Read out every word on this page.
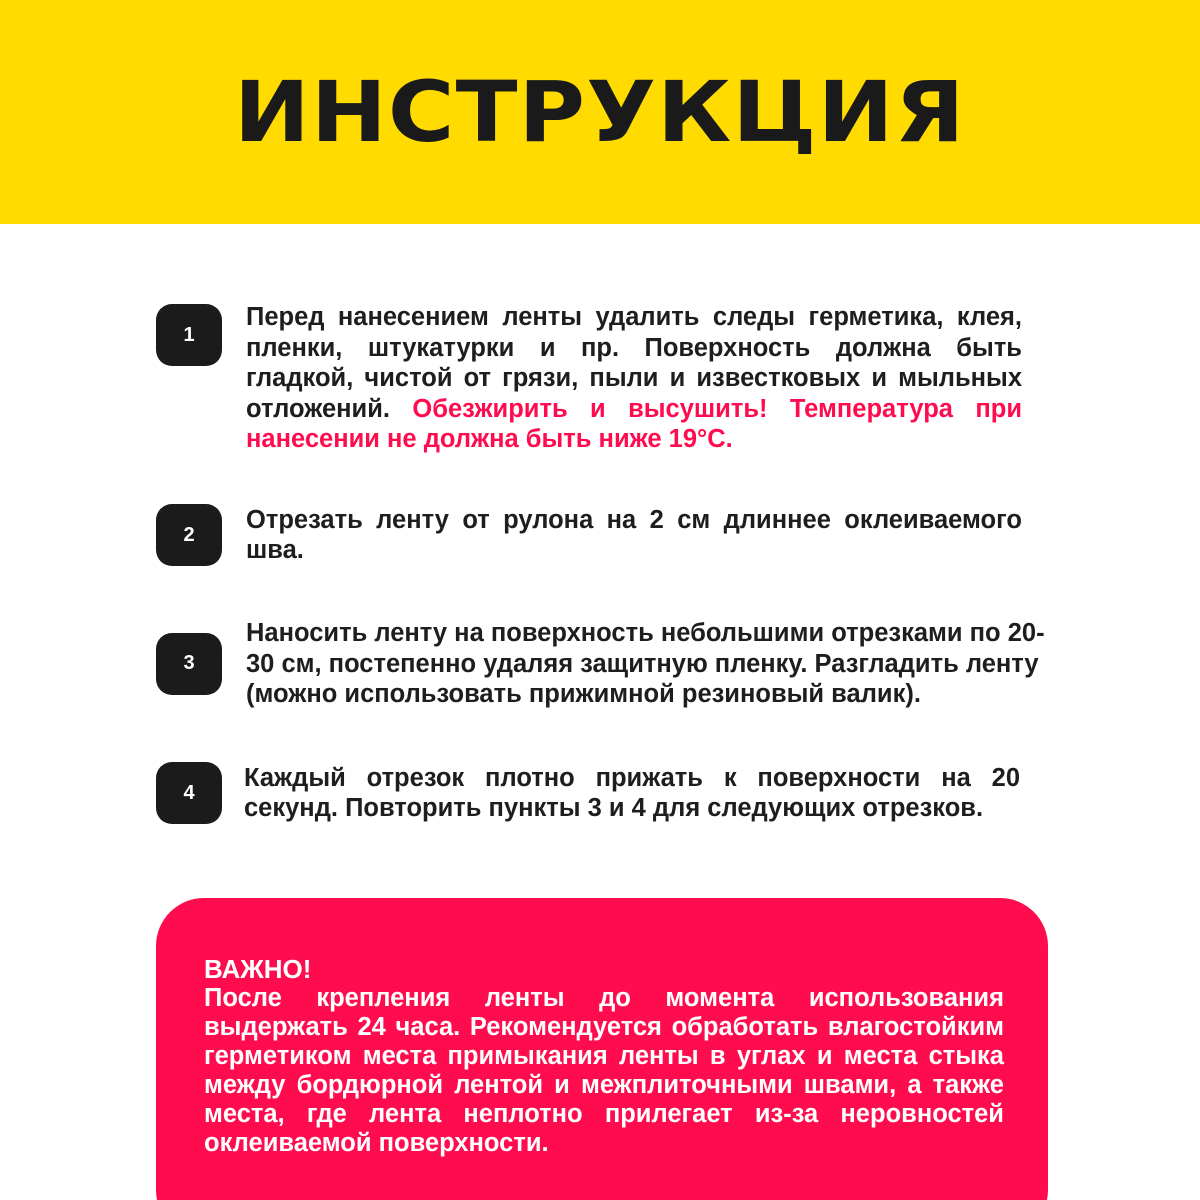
ИНСТРУКЦИЯ
1
Перед нанесением ленты удалить следы герметика, клея, пленки, штукатурки и пр. Поверхность должна быть гладкой, чистой от грязи, пыли и известковых и мыльных отложений. Обезжирить и высушить! Температура при нанесении не должна быть ниже 19°С.
2
Отрезать ленту от рулона на 2 см длиннее оклеиваемого шва.
3
Наносить ленту на поверхность небольшими отрезками по 20-30 см, постепенно удаляя защитную пленку. Разгладить ленту (можно использовать прижимной резиновый валик).
4
Каждый отрезок плотно прижать к поверхности на 20 секунд. Повторить пункты 3 и 4 для следующих отрезков.
ВАЖНО!
После крепления ленты до момента использования выдержать 24 часа. Рекомендуется обработать влагостойким герметиком места примыкания ленты в углах и места стыка между бордюрной лентой и межплиточными швами, а также места, где лента неплотно прилегает из-за неровностей оклеиваемой поверхности.
